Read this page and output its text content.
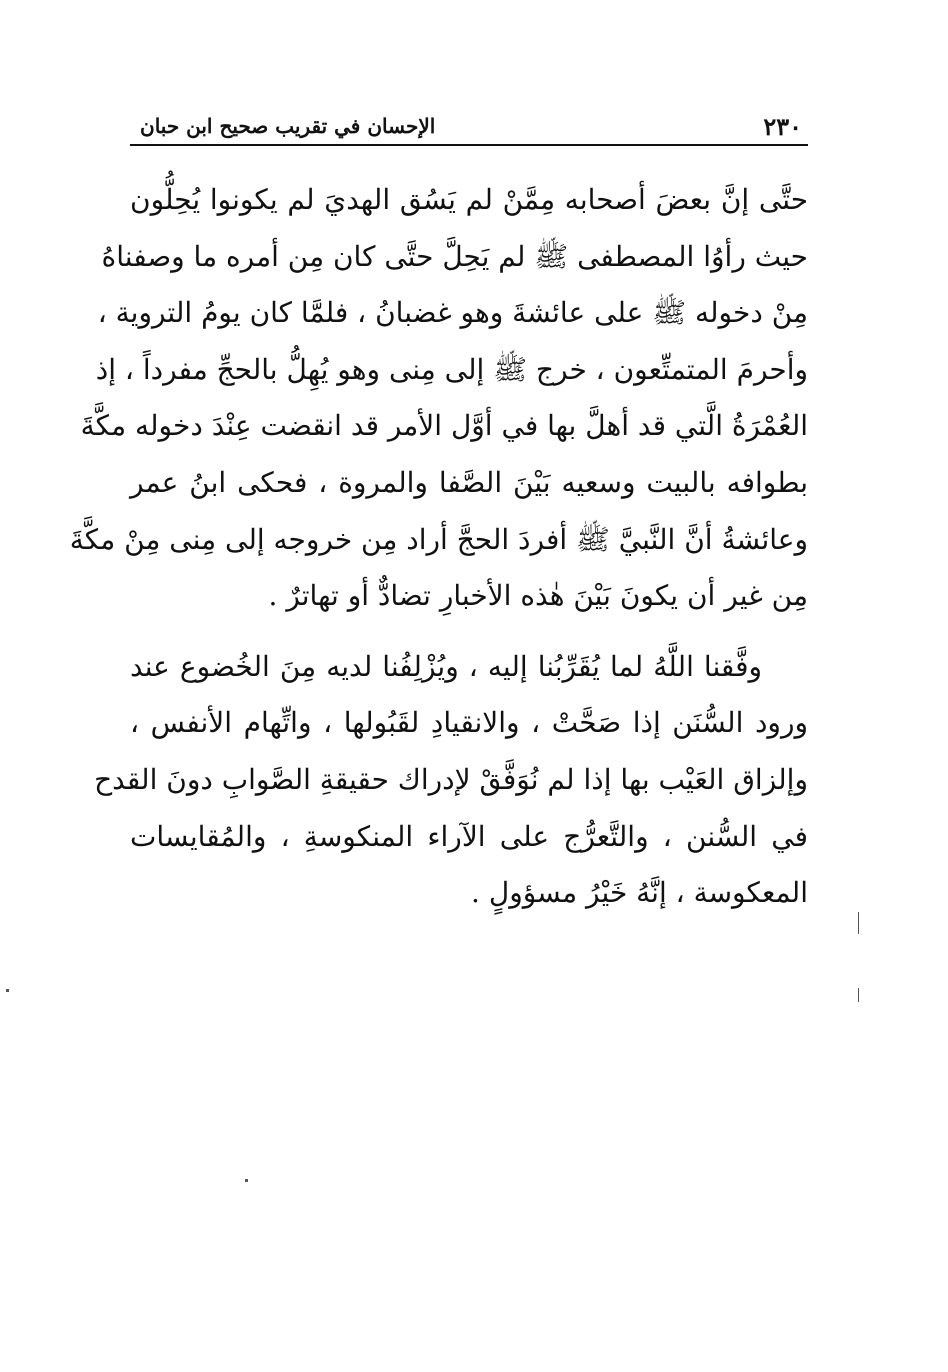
٢٣٠
الإحسان في تقريب صحيح ابن حبان

حتَّى إنَّ بعضَ أصحابه مِمَّنْ لم يَسُق الهديَ لم يكونوا يُحِلُّون
حيث رأوُا المصطفى ﷺ لم يَحِلَّ حتَّى كان مِن أمره ما وصفناهُ
مِنْ دخوله ﷺ على عائشةَ وهو غضبانُ ، فلمَّا كان يومُ التروية ،
وأحرمَ المتمتِّعون ، خرج ﷺ إلى مِنى وهو يُهِلُّ بالحجِّ مفرداً ، إذ
العُمْرَةُ الَّتي قد أهلَّ بها في أوَّل الأمر قد انقضت عِنْدَ دخوله مكَّةَ
بطوافه بالبيت وسعيه بَيْنَ الصَّفا والمروة ، فحكى ابنُ عمر
وعائشةُ أنَّ النَّبيَّ ﷺ أفردَ الحجَّ أراد مِن خروجه إلى مِنى مِنْ مكَّةَ
مِن غير أن يكونَ بَيْنَ هٰذه الأخبارِ تضادٌّ أو تهاترٌ .

وفَّقنا اللَّهُ لما يُقَرِّبُنا إليه ، ويُزْلِفُنا لديه مِنَ الخُضوع عند
ورود السُّنَن إذا صَحَّتْ ، والانقيادِ لقَبُولها ، واتِّهام الأنفس ،
وإلزاق العَيْب بها إذا لم نُوَفَّقْ لإدراك حقيقةِ الصَّوابِ دونَ القدح
في السُّنن ، والتَّعرُّج على الآراء المنكوسةِ ، والمُقايسات
المعكوسة ، إنَّهُ خَيْرُ مسؤولٍ .
